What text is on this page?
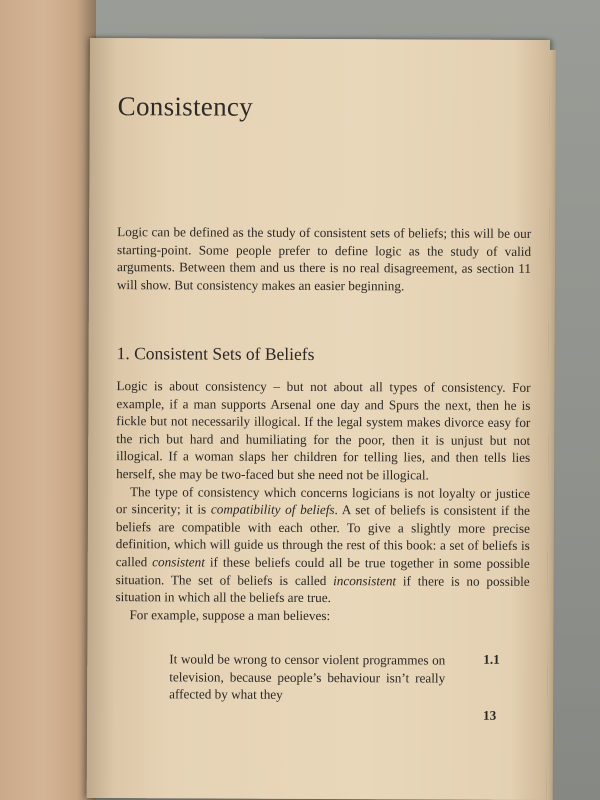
Consistency
Logic can be defined as the study of consistent sets of beliefs; this will be our starting-point. Some people prefer to define logic as the study of valid arguments. Between them and us there is no real disagreement, as section 11 will show. But consistency makes an easier beginning.
1. Consistent Sets of Beliefs

Logic is about consistency – but not about all types of consistency. For example, if a man supports Arsenal one day and Spurs the next, then he is fickle but not necessarily illogical. If the legal system makes divorce easy for the rich but hard and humiliating for the poor, then it is unjust but not illogical. If a woman slaps her children for telling lies, and then tells lies herself, she may be two-faced but she need not be illogical.

The type of consistency which concerns logicians is not loyalty or justice or sincerity; it is compatibility of beliefs. A set of beliefs is consistent if the beliefs are compatible with each other. To give a slightly more precise definition, which will guide us through the rest of this book: a set of beliefs is called consistent if these beliefs could all be true together in some possible situation. The set of beliefs is called inconsistent if there is no possible situation in which all the beliefs are true.

For example, suppose a man believes:

It would be wrong to censor violent programmes on television, because people’s behaviour isn’t really affected by what they
1.1
13
